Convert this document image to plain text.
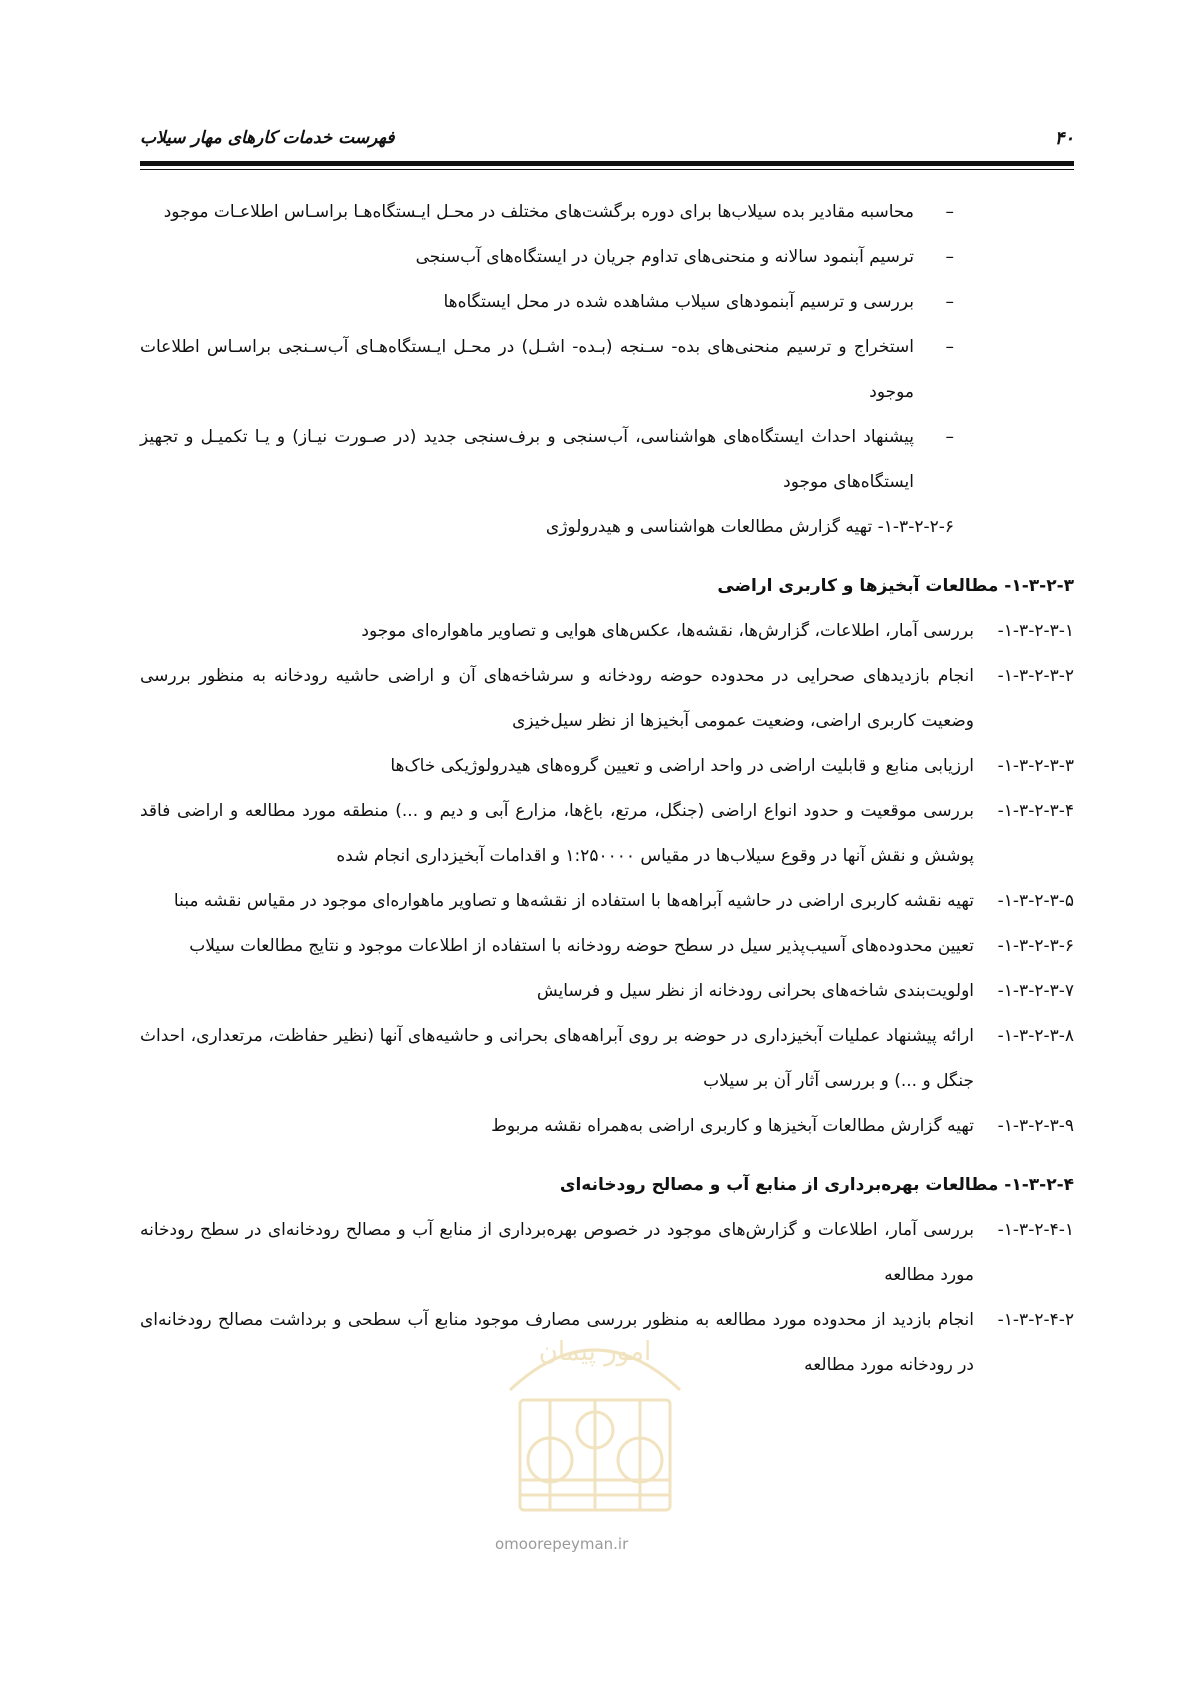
فهرست خدمات کارهای مهار سیلاب	۴۰
–
محاسبه مقادیر بده سیلاب‌ها برای دوره برگشت‌های مختلف در محـل ایـستگاه‌هـا براسـاس اطلاعـات موجود
–
ترسیم آبنمود سالانه و منحنی‌های تداوم جریان در ایستگاه‌های آب‌سنجی
–
بررسی و ترسیم آبنمودهای سیلاب مشاهده شده در محل ایستگاه‌ها
–
استخراج و ترسیم منحنی‌های بده- سـنجه (بـده- اشـل) در محـل ایـستگاه‌هـای آب‌سـنجی براسـاس اطلاعات موجود
–
پیشنهاد احداث ایستگاه‌های هواشناسی، آب‌سنجی و برف‌سنجی جدید (در صـورت نیـاز) و یـا تکمیـل و تجهیز ایستگاه‌های موجود
۱-۳-۲-۲-۶- تهیه گزارش مطالعات هواشناسی و هیدرولوژی
۱-۳-۲-۳- مطالعات آبخیزها و کاربری اراضی
۱-۳-۲-۳-۱-
بررسی آمار، اطلاعات، گزارش‌ها، نقشه‌ها، عکس‌های هوایی و تصاویر ماهواره‌ای موجود
۱-۳-۲-۳-۲-
انجام بازدیدهای صحرایی در محدوده حوضه رودخانه و سرشاخه‌های آن و اراضی حاشیه رودخانه به منظور بررسی وضعیت کاربری اراضی، وضعیت عمومی آبخیزها از نظر سیل‌خیزی
۱-۳-۲-۳-۳-
ارزیابی منابع و قابلیت اراضی در واحد اراضی و تعیین گروه‌های هیدرولوژیکی خاک‌ها
۱-۳-۲-۳-۴-
بررسی موقعیت و حدود انواع اراضی (جنگل، مرتع، باغ‌ها، مزارع آبی و دیم و ...) منطقه مورد مطالعه و اراضی فاقد پوشش و نقش آنها در وقوع سیلاب‌ها در مقیاس ۱:۲۵۰۰۰۰ و اقدامات آبخیزداری انجام شده
۱-۳-۲-۳-۵-
تهیه نقشه کاربری اراضی در حاشیه آبراهه‌ها با استفاده از نقشه‌ها و تصاویر ماهواره‌ای موجود در مقیاس نقشه مبنا
۱-۳-۲-۳-۶-
تعیین محدوده‌های آسیب‌پذیر سیل در سطح حوضه رودخانه با استفاده از اطلاعات موجود و نتایج مطالعات سیلاب
۱-۳-۲-۳-۷-
اولویت‌بندی شاخه‌های بحرانی رودخانه از نظر سیل و فرسایش
۱-۳-۲-۳-۸-
ارائه پیشنهاد عملیات آبخیزداری در حوضه بر روی آبراهه‌های بحرانی و حاشیه‌های آنها (نظیر حفاظت، مرتعداری، احداث جنگل و ...) و بررسی آثار آن بر سیلاب
۱-۳-۲-۳-۹-
تهیه گزارش مطالعات آبخیزها و کاربری اراضی به‌همراه نقشه مربوط
۱-۳-۲-۴- مطالعات بهره‌برداری از منابع آب و مصالح رودخانه‌ای
۱-۳-۲-۴-۱-
بررسی آمار، اطلاعات و گزارش‌های موجود در خصوص بهره‌برداری از منابع آب و مصالح رودخانه‌ای در سطح رودخانه مورد مطالعه
۱-۳-۲-۴-۲-
انجام بازدید از محدوده مورد مطالعه به منظور بررسی مصارف موجود منابع آب سطحی و برداشت مصالح رودخانه‌ای در رودخانه مورد مطالعه
امور پیمان
omoorepeyman.ir
